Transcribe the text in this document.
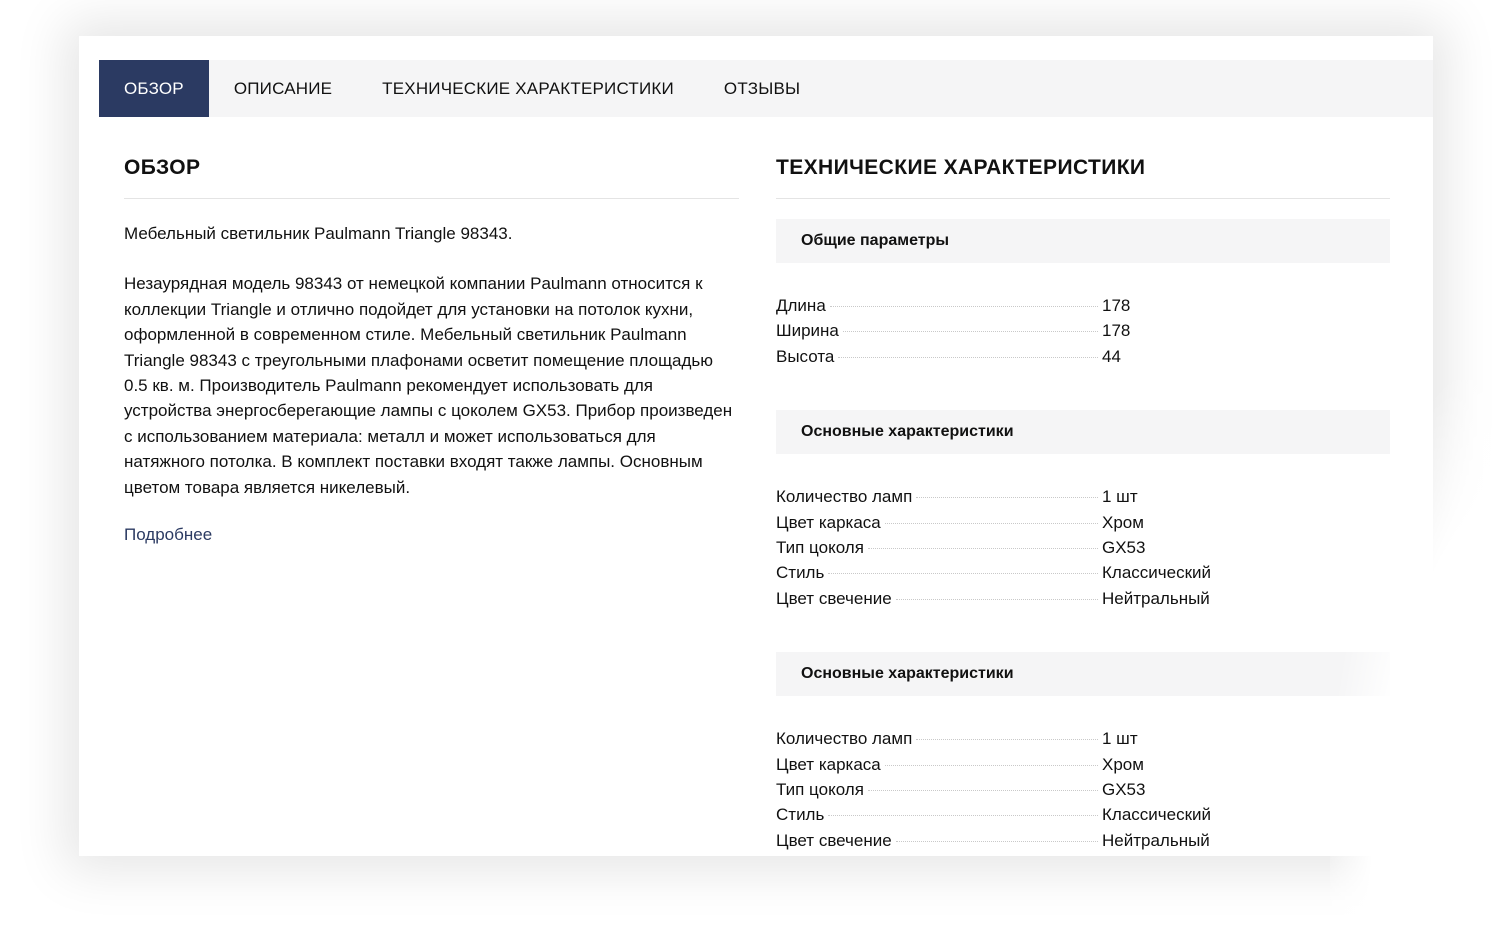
ОБЗОР	ОПИСАНИЕ	ТЕХНИЧЕСКИЕ ХАРАКТЕРИСТИКИ	ОТЗЫВЫ
ОБЗОР

Мебельный светильник Paulmann Triangle 98343.

Незаурядная модель 98343 от немецкой компании Paulmann относится к коллекции Triangle и отлично подойдет для установки на потолок кухни, оформленной в современном стиле. Мебельный светильник Paulmann Triangle 98343 с треугольными плафонами осветит помещение площадью 0.5 кв. м. Производитель Paulmann рекомендует использовать для устройства энергосберегающие лампы с цоколем GX53. Прибор произведен с использованием материала: металл и может использоваться для натяжного потолка. В комплект поставки входят также лампы. Основным цветом товара является никелевый.

Подробнее
ТЕХНИЧЕСКИЕ ХАРАКТЕРИСТИКИ
Общие параметры
Длина	178
Ширина	178
Высота	44
Основные характеристики
Количество ламп	1 шт
Цвет каркаса	Хром
Тип цоколя	GX53
Стиль	Классический
Цвет свечение	Нейтральный
Основные характеристики
Количество ламп	1 шт
Цвет каркаса	Хром
Тип цоколя	GX53
Стиль	Классический
Цвет свечение	Нейтральный
